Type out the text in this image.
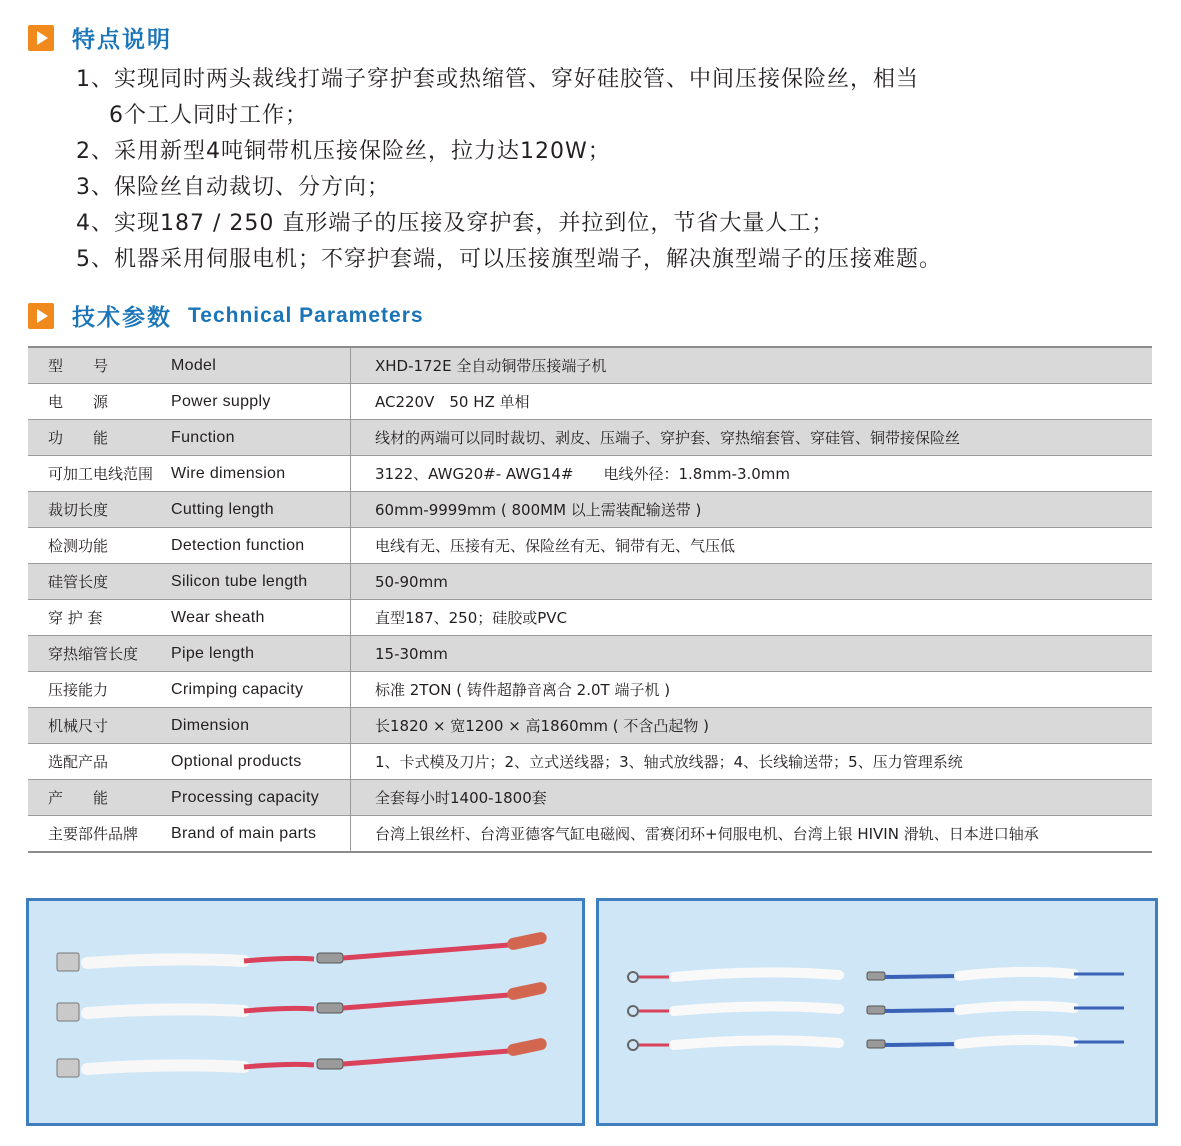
特点说明
1、实现同时两头裁线打端子穿护套或热缩管、穿好硅胶管、中间压接保险丝，相当
6个工人同时工作；
2、采用新型4吨铜带机压接保险丝，拉力达120W；
3、保险丝自动裁切、分方向；
4、实现187 / 250 直形端子的压接及穿护套，并拉到位，节省大量人工；
5、机器采用伺服电机；不穿护套端，可以压接旗型端子，解决旗型端子的压接难题。
技术参数 Technical Parameters
型　　号	Model	XHD-172E 全自动铜带压接端子机
电　　源	Power supply	AC220V　50 HZ 单相
功　　能	Function	线材的两端可以同时裁切、剥皮、压端子、穿护套、穿热缩套管、穿硅管、铜带接保险丝
可加工电线范围	Wire dimension	3122、AWG20#- AWG14#　　电线外径：1.8mm-3.0mm
裁切长度	Cutting length	60mm-9999mm ( 800MM 以上需装配输送带 )
检测功能	Detection function	电线有无、压接有无、保险丝有无、铜带有无、气压低
硅管长度	Silicon tube length	50-90mm
穿 护 套	Wear sheath	直型187、250；硅胶或PVC
穿热缩管长度	Pipe length	15-30mm
压接能力	Crimping capacity	标准 2TON ( 铸件超静音离合 2.0T 端子机 )
机械尺寸	Dimension	长1820 × 宽1200 × 高1860mm ( 不含凸起物 )
选配产品	Optional products	1、卡式模及刀片；2、立式送线器；3、轴式放线器；4、长线输送带；5、压力管理系统
产　　能	Processing capacity	全套每小时1400-1800套
主要部件品牌	Brand of main parts	台湾上银丝杆、台湾亚德客气缸电磁阀、雷赛闭环+伺服电机、台湾上银 HIVIN 滑轨、日本进口轴承
